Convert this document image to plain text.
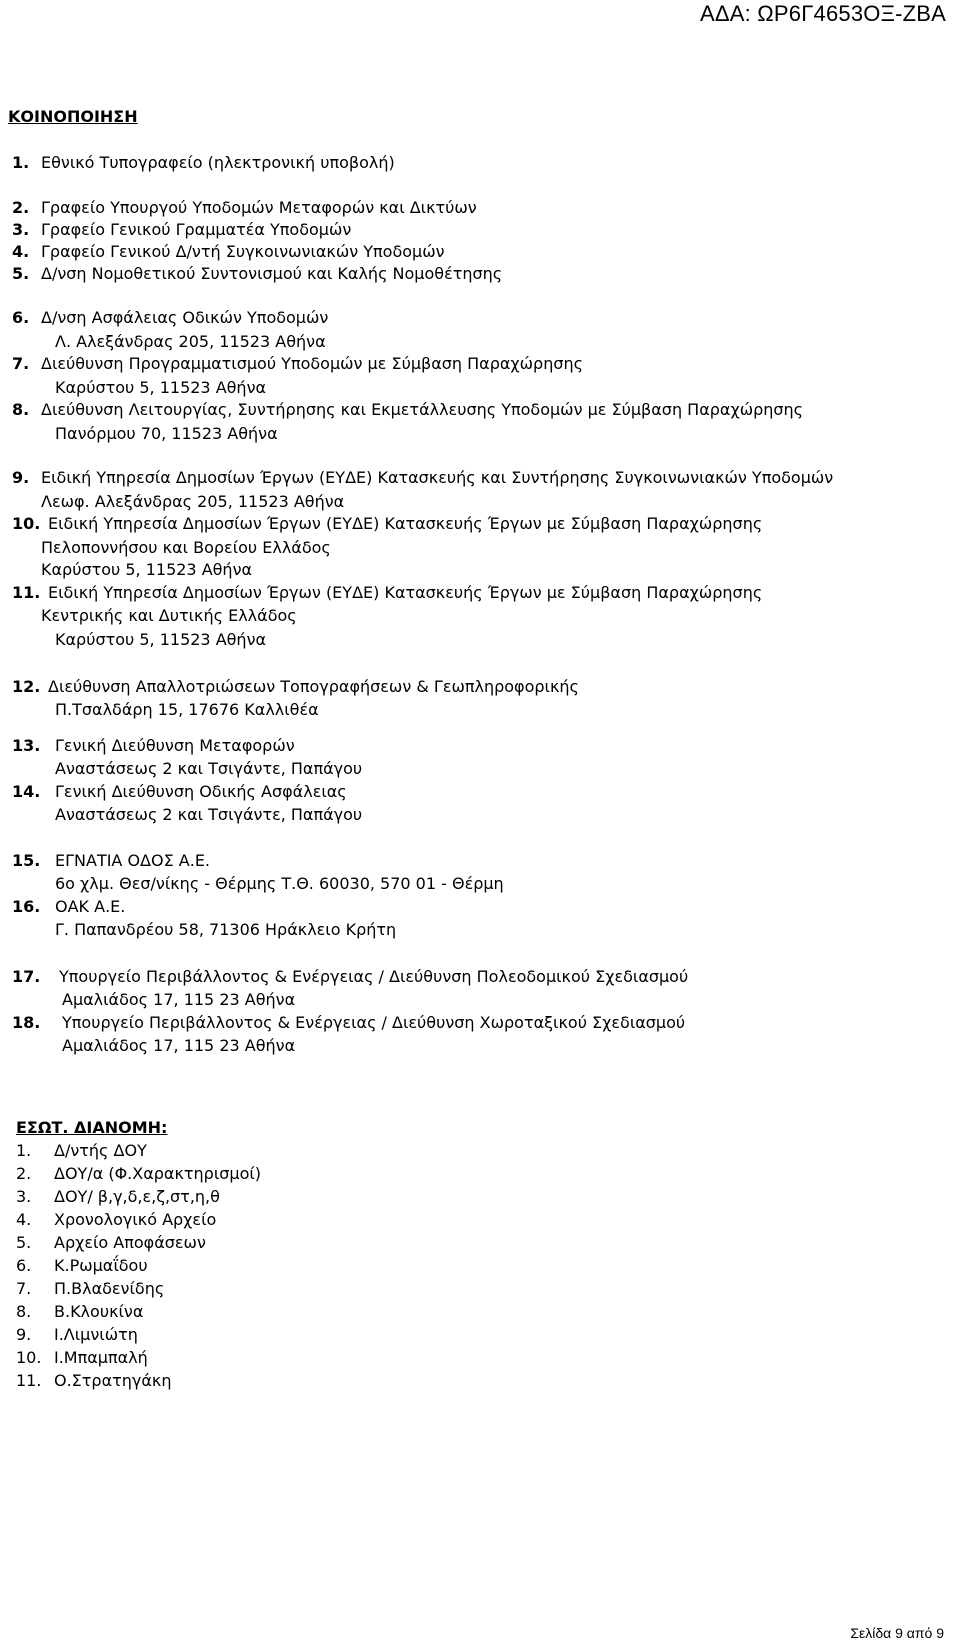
ΑΔΑ: ΩΡ6Γ4653ΟΞ-ΖΒΑ
ΚΟΙΝΟΠΟΙΗΣΗ
1. Εθνικό Τυπογραφείο (ηλεκτρονική υποβολή)
2. Γραφείο Υπουργού Υποδομών Μεταφορών και Δικτύων
3. Γραφείο Γενικού Γραμματέα Υποδομών
4. Γραφείο Γενικού Δ/ντή Συγκοινωνιακών Υποδομών
5. Δ/νση Νομοθετικού Συντονισμού και Καλής Νομοθέτησης
6. Δ/νση Ασφάλειας Οδικών Υποδομών
Λ. Αλεξάνδρας 205, 11523 Αθήνα
7. Διεύθυνση Προγραμματισμού Υποδομών με Σύμβαση Παραχώρησης
Καρύστου 5, 11523 Αθήνα
8. Διεύθυνση Λειτουργίας, Συντήρησης και Εκμετάλλευσης Υποδομών με Σύμβαση Παραχώρησης
Πανόρμου 70, 11523 Αθήνα
9. Ειδική Υπηρεσία Δημοσίων Έργων (ΕΥΔΕ) Κατασκευής και Συντήρησης Συγκοινωνιακών Υποδομών
Λεωφ. Αλεξάνδρας 205, 11523 Αθήνα
10. Ειδική Υπηρεσία Δημοσίων Έργων (ΕΥΔΕ) Κατασκευής Έργων με Σύμβαση Παραχώρησης
Πελοποννήσου και Βορείου Ελλάδος
Καρύστου 5, 11523 Αθήνα
11. Ειδική Υπηρεσία Δημοσίων Έργων (ΕΥΔΕ) Κατασκευής Έργων με Σύμβαση Παραχώρησης
Κεντρικής και Δυτικής Ελλάδος
Καρύστου 5, 11523 Αθήνα
12. Διεύθυνση Απαλλοτριώσεων Τοπογραφήσεων & Γεωπληροφορικής
Π.Τσαλδάρη 15, 17676 Καλλιθέα
13. Γενική Διεύθυνση Μεταφορών
Αναστάσεως 2 και Τσιγάντε, Παπάγου
14. Γενική Διεύθυνση Οδικής Ασφάλειας
Αναστάσεως 2 και Τσιγάντε, Παπάγου
15. ΕΓΝΑΤΙΑ ΟΔΟΣ Α.Ε.
6ο χλμ. Θεσ/νίκης - Θέρμης Τ.Θ. 60030, 570 01 - Θέρμη
16. ΟΑΚ Α.Ε.
Γ. Παπανδρέου 58, 71306 Ηράκλειο Κρήτη
17. Υπουργείο Περιβάλλοντος & Ενέργειας / Διεύθυνση Πολεοδομικού Σχεδιασμού
Αμαλιάδος 17, 115 23 Αθήνα
18. Υπουργείο Περιβάλλοντος & Ενέργειας / Διεύθυνση Χωροταξικού Σχεδιασμού
Αμαλιάδος 17, 115 23 Αθήνα
ΕΣΩΤ. ΔΙΑΝΟΜΗ:
1. Δ/ντής ΔΟΥ
2. ΔΟΥ/α (Φ.Χαρακτηρισμοί)
3. ΔΟΥ/ β,γ,δ,ε,ζ,στ,η,θ
4. Χρονολογικό Αρχείο
5. Αρχείο Αποφάσεων
6. Κ.Ρωμαΐδου
7. Π.Βλαδενίδης
8. Β.Κλουκίνα
9. Ι.Λιμνιώτη
10. Ι.Μπαμπαλή
11. Ο.Στρατηγάκη
Σελίδα 9 από 9
